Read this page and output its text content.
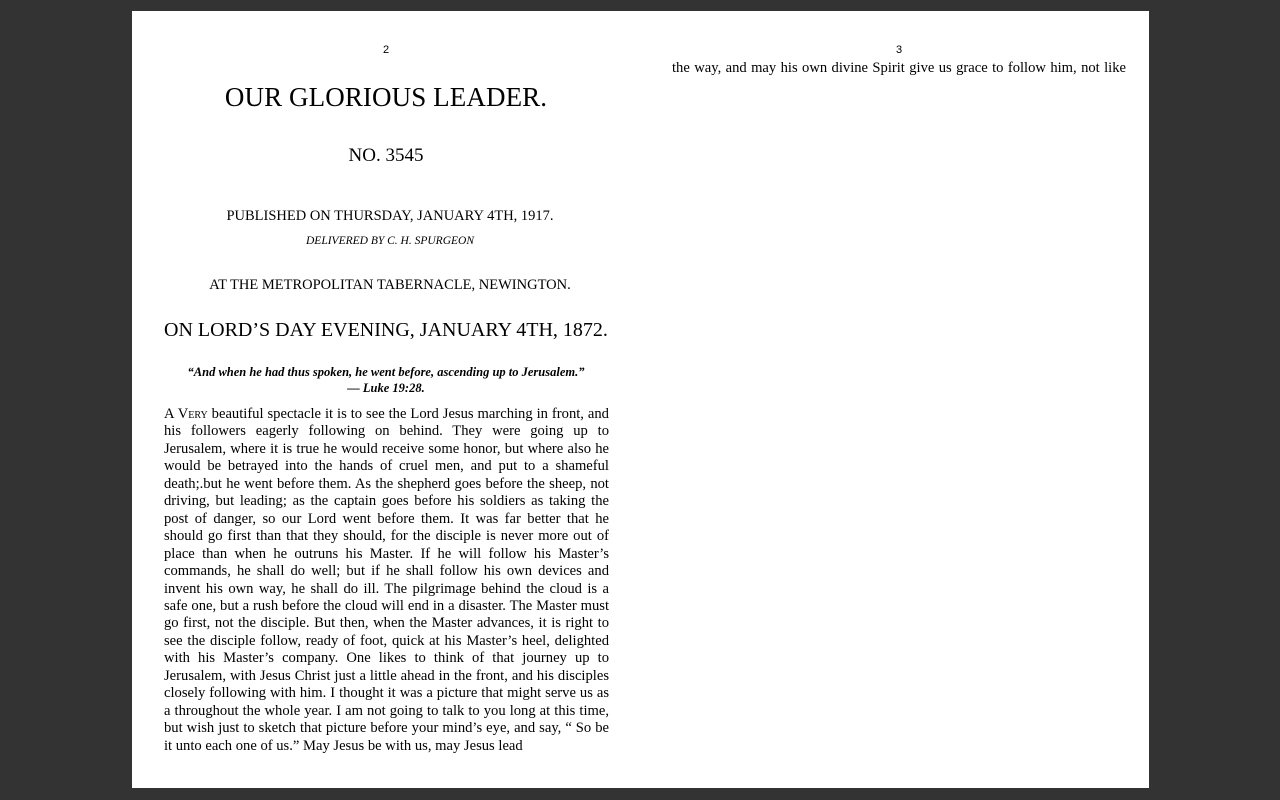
2
OUR GLORIOUS LEADER.
NO. 3545
PUBLISHED ON THURSDAY, JANUARY 4TH, 1917.
DELIVERED BY C. H. SPURGEON
AT THE METROPOLITAN TABERNACLE, NEWINGTON.
ON LORD’S DAY EVENING, JANUARY 4TH, 1872.
“And when he had thus spoken, he went before, ascending up to Jerusalem.”
— Luke 19:28.

A Very beautiful spectacle it is to see the Lord Jesus marching in front, and his followers eagerly following on behind. They were going up to Jerusalem, where it is true he would receive some honor, but where also he would be betrayed into the hands of cruel men, and put to a shameful death;.but he went before them. As the shepherd goes before the sheep, not driving, but leading; as the captain goes before his soldiers as taking the post of danger, so our Lord went before them. It was far better that he should go first than that they should, for the disciple is never more out of place than when he outruns his Master. If he will follow his Master’s commands, he shall do well; but if he shall follow his own devices and invent his own way, he shall do ill. The pilgrimage behind the cloud is a safe one, but a rush before the cloud will end in a disaster. The Master must go first, not the disciple. But then, when the Master advances, it is right to see the disciple follow, ready of foot, quick at his Master’s heel, delighted with his Master’s company. One likes to think of that journey up to Jerusalem, with Jesus Christ just a little ahead in the front, and his disciples closely following with him. I thought it was a picture that might serve us as a throughout the whole year. I am not going to talk to you long at this time, but wish just to sketch that picture before your mind’s eye, and say, “ So be it unto each one of us.” May Jesus be with us, may Jesus lead

3

the way, and may his own divine Spirit give us grace to follow him, not like
